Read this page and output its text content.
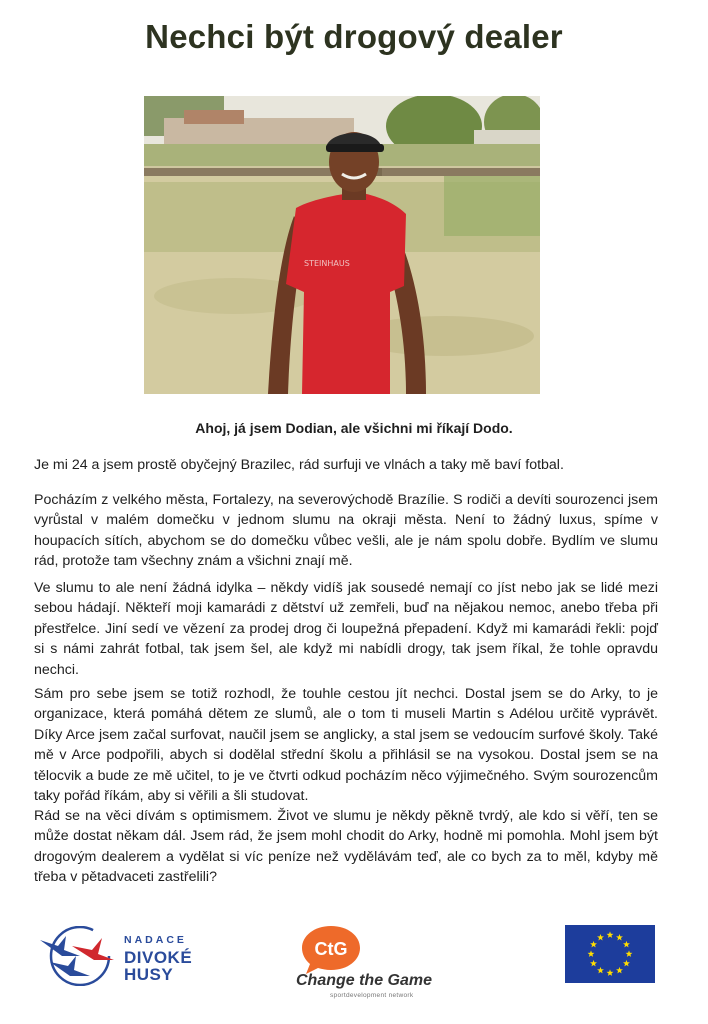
Nechci být drogový dealer
STEINHAUS

Ahoj, já jsem Dodian, ale všichni mi říkají Dodo.

Je mi 24 a jsem prostě obyčejný Brazilec, rád surfuji ve vlnách a taky mě baví fotbal.

Pocházím z velkého města, Fortalezy, na severovýchodě Brazílie. S rodiči a devíti sourozenci jsem vyrůstal v malém domečku v jednom slumu na okraji města. Není to žádný luxus, spíme v houpacích sítích, abychom se do domečku vůbec vešli, ale je nám spolu dobře. Bydlím ve slumu rád, protože tam všechny znám a všichni znají mě.

Ve slumu to ale není žádná idylka – někdy vidíš jak sousedé nemají co jíst nebo jak se lidé mezi sebou hádají. Někteří moji kamarádi z dětství už zemřeli, buď na nějakou nemoc, anebo třeba při přestřelce. Jiní sedí ve vězení za prodej drog či loupežná přepadení. Když mi kamarádi řekli: pojď si s námi zahrát fotbal, tak jsem šel, ale když mi nabídli drogy, tak jsem říkal, že tohle opravdu nechci.

Sám pro sebe jsem se totiž rozhodl, že touhle cestou jít nechci. Dostal jsem se do Arky, to je organizace, která pomáhá dětem ze slumů, ale o tom ti museli Martin s Adélou určitě vyprávět. Díky Arce jsem začal surfovat, naučil jsem se anglicky, a stal jsem se vedoucím surfové školy. Také mě v Arce podpořili, abych si dodělal střední školu a přihlásil se na vysokou. Dostal jsem se na tělocvik a bude ze mě učitel, to je ve čtvrti odkud pocházím něco výjimečného. Svým sourozencům taky pořád říkám, aby si věřili a šli studovat.

Rád se na věci dívám s optimismem. Život ve slumu je někdy pěkně tvrdý, ale kdo si věří, ten se může dostat někam dál. Jsem rád, že jsem mohl chodit do Arky, hodně mi pomohla. Mohl jsem být drogovým dealerem a vydělat si víc peníze než vydělávám teď, ale co bych za to měl, kdyby mě třeba v pětadvaceti zastřelili?

NADACE
DIVOKÉ
HUSY
CtG
Change the Game
sportdevelopment network
